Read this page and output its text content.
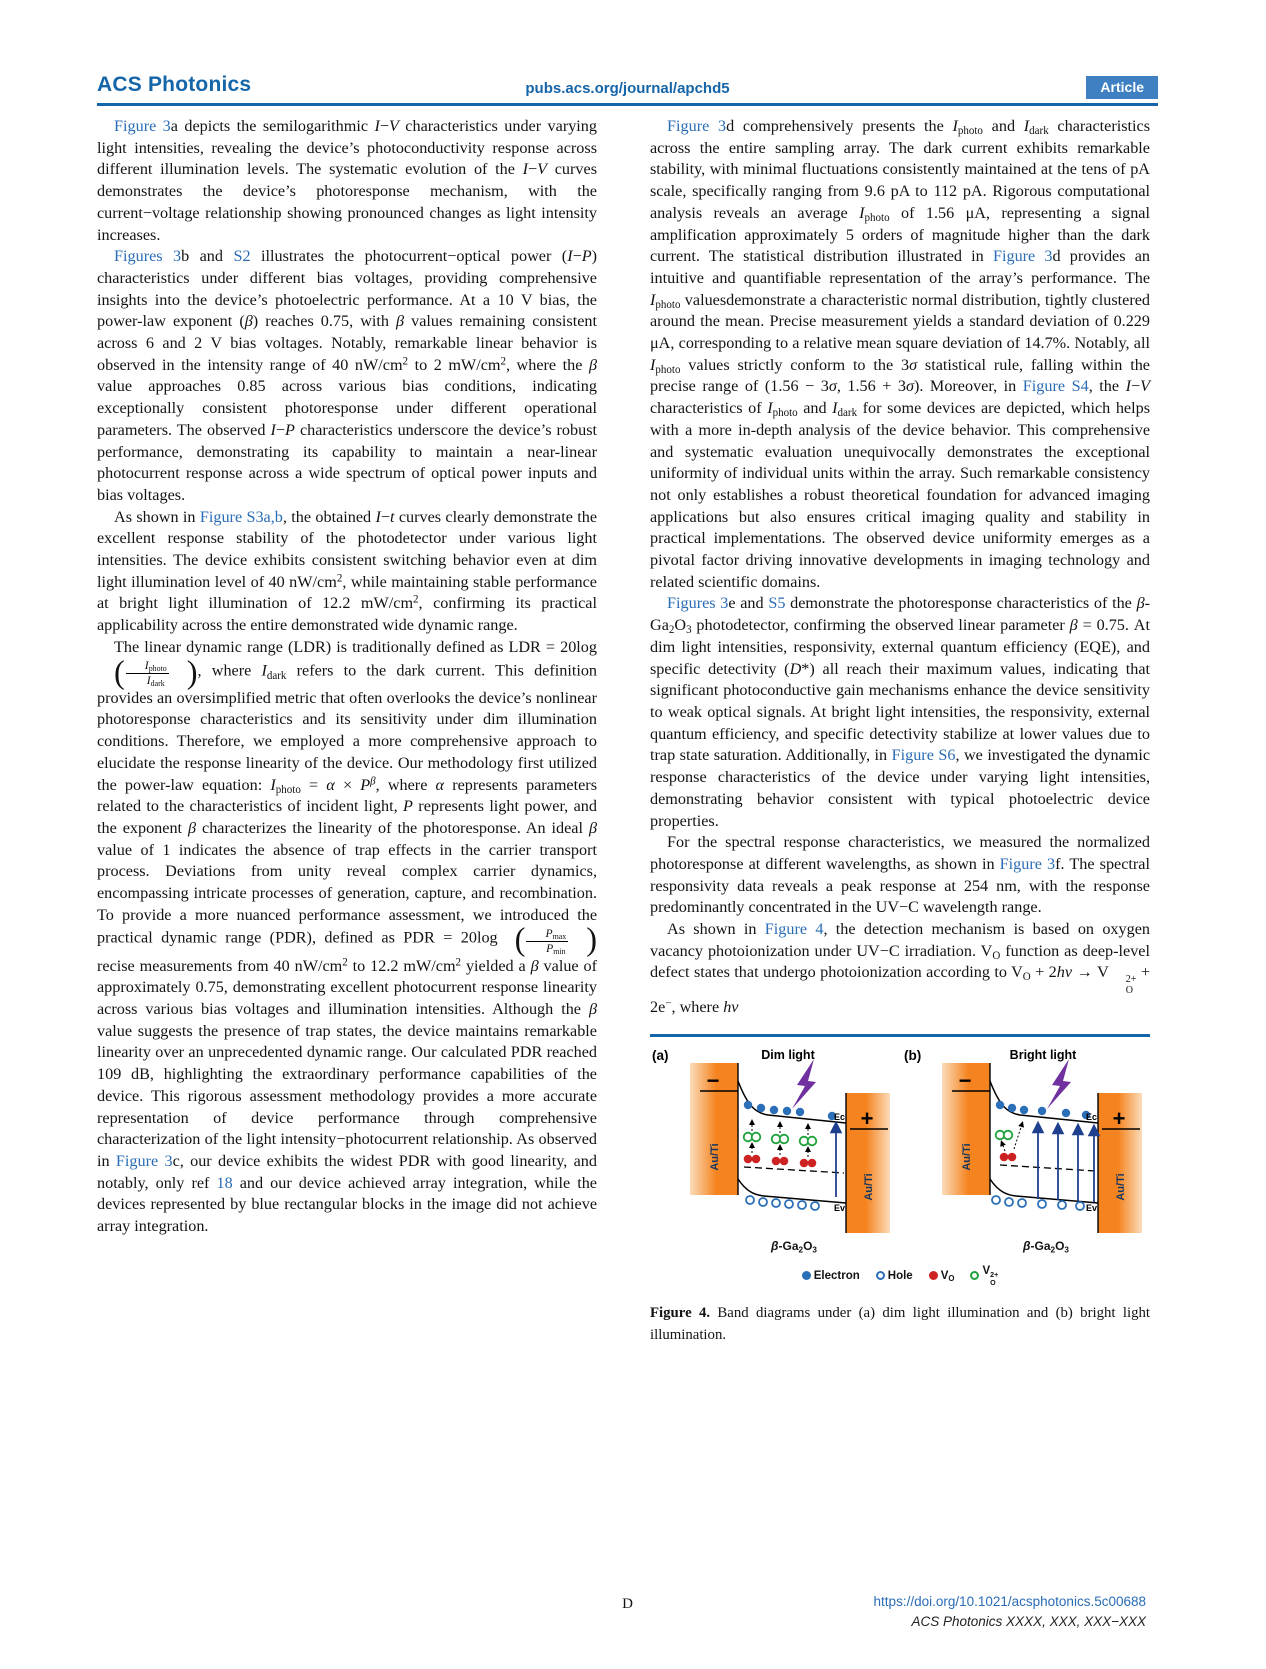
ACS Photonics	pubs.acs.org/journal/apchd5	Article

Figure 3a depicts the semilogarithmic I−V characteristics under varying light intensities, revealing the device’s photoconductivity response across different illumination levels. The systematic evolution of the I−V curves demonstrates the device’s photoresponse mechanism, with the current−voltage relationship showing pronounced changes as light intensity increases.

Figures 3b and S2 illustrates the photocurrent−optical power (I−P) characteristics under different bias voltages, providing comprehensive insights into the device’s photoelectric performance. At a 10 V bias, the power-law exponent (β) reaches 0.75, with β values remaining consistent across 6 and 2 V bias voltages. Notably, remarkable linear behavior is observed in the intensity range of 40 $nW/cm^2$ to 2 $mW/cm^2$, where the β value approaches 0.85 across various bias conditions, indicating exceptionally consistent photoresponse under different operational parameters. The observed I−P characteristics underscore the device’s robust performance, demonstrating its capability to maintain a near-linear photocurrent response across a wide spectrum of optical power inputs and bias voltages.

As shown in Figure S3a,b, the obtained I−t curves clearly demonstrate the excellent response stability of the photodetector under various light intensities. The device exhibits consistent switching behavior even at dim light illumination level of 40 $nW/cm^2$, while maintaining stable performance at bright light illumination of 12.2 $mW/cm^2$, confirming its practical applicability across the entire demonstrated wide dynamic range.

The linear dynamic range (LDR) is traditionally defined as LDR = 20log
(	Iphoto
Idark ) , where Idark refers to the dark current. This definition provides an oversimplified metric that often overlooks the device’s nonlinear photoresponse characteristics and its sensitivity under dim illumination conditions. Therefore, we employed a more comprehensive approach to elucidate the response linearity of the device. Our methodology first utilized the power-law equation: Iphoto = $\alpha \times P^\beta$, where α represents parameters related to the characteristics of incident light, P represents light power, and the exponent β characterizes the linearity of the photoresponse. An ideal β value of 1 indicates the absence of trap effects in the carrier transport process. Deviations from unity reveal complex carrier dynamics, encompassing intricate processes of generation, capture, and recombination. To provide a more nuanced performance assessment, we introduced the practical dynamic range (PDR), defined as PDR = 20log (	Pmax
Pmin )
recise measurements from 40 $nW/cm^2$ to 12.2 $mW/cm^2$ yielded a β value of approximately 0.75, demonstrating excellent photocurrent response linearity across various bias voltages and illumination intensities. Although the β value suggests the presence of trap states, the device maintains remarkable linearity over an unprecedented dynamic range. Our calculated PDR reached 109 dB, highlighting the extraordinary performance capabilities of the device. This rigorous assessment methodology provides a more accurate representation of device performance through comprehensive characterization of the light intensity−photocurrent relationship. As observed in Figure 3c, our device exhibits the widest PDR with good linearity, and notably, only ref 18 and our device achieved array integration, while the devices represented by blue rectangular blocks in the image did not achieve array integration.

Figure 3d comprehensively presents the Iphoto and Idark characteristics across the entire sampling array. The dark current exhibits remarkable stability, with minimal fluctuations consistently maintained at the tens of pA scale, specifically ranging from 9.6 pA to 112 pA. Rigorous computational analysis reveals an average Iphoto of 1.56 μA, representing a signal amplification approximately 5 orders of magnitude higher than the dark current. The statistical distribution illustrated in Figure 3d provides an intuitive and quantifiable representation of the array’s performance. The Iphoto valuesdemonstrate a characteristic normal distribution, tightly clustered around the mean. Precise measurement yields a standard deviation of 0.229 μA, corresponding to a relative mean square deviation of 14.7%. Notably, all Iphoto values strictly conform to the 3σ statistical rule, falling within the precise range of (1.56 − 3σ, 1.56 + 3σ). Moreover, in Figure S4, the I−V characteristics of Iphoto and Idark for some devices are depicted, which helps with a more in-depth analysis of the device behavior. This comprehensive and systematic evaluation unequivocally demonstrates the exceptional uniformity of individual units within the array. Such remarkable consistency not only establishes a robust theoretical foundation for advanced imaging applications but also ensures critical imaging quality and stability in practical implementations. The observed device uniformity emerges as a pivotal factor driving innovative developments in imaging technology and related scientific domains.

Figures 3e and S5 demonstrate the photoresponse characteristics of the β-Ga2O3 photodetector, confirming the observed linear parameter β = 0.75. At dim light intensities, responsivity, external quantum efficiency (EQE), and specific detectivity (D*) all reach their maximum values, indicating that significant photoconductive gain mechanisms enhance the device sensitivity to weak optical signals. At bright light intensities, the responsivity, external quantum efficiency, and specific detectivity stabilize at lower values due to trap state saturation. Additionally, in Figure S6, we investigated the dynamic response characteristics of the device under varying light intensities, demonstrating behavior consistent with typical photoelectric device properties.

For the spectral response characteristics, we measured the normalized photoresponse at different wavelengths, as shown in Figure 3f. The spectral responsivity data reveals a peak response at 254 nm, with the response predominantly concentrated in the UV−C wavelength range.

As shown in Figure 4, the detection mechanism is based on oxygen vacancy photoionization under UV−C irradiation. VO function as deep-level defect states that undergo photoionization according to VO + 2hν → V	2+
O
+ 2e−, where hν

(a)	Dim light
−
+
Au/Ti
Au/Ti
Ec
Ev
(b)	Bright light
−
+
Au/Ti
Au/Ti
Ec
Ev
β-Ga2O3	β-Ga2O3
Electron Hole VO
V 2+
O

Figure 4. Band diagrams under (a) dim light illumination and (b) bright light illumination.

D	https://doi.org/10.1021/acsphotonics.5c00688
ACS Photonics XXXX, XXX, XXX−XXX
